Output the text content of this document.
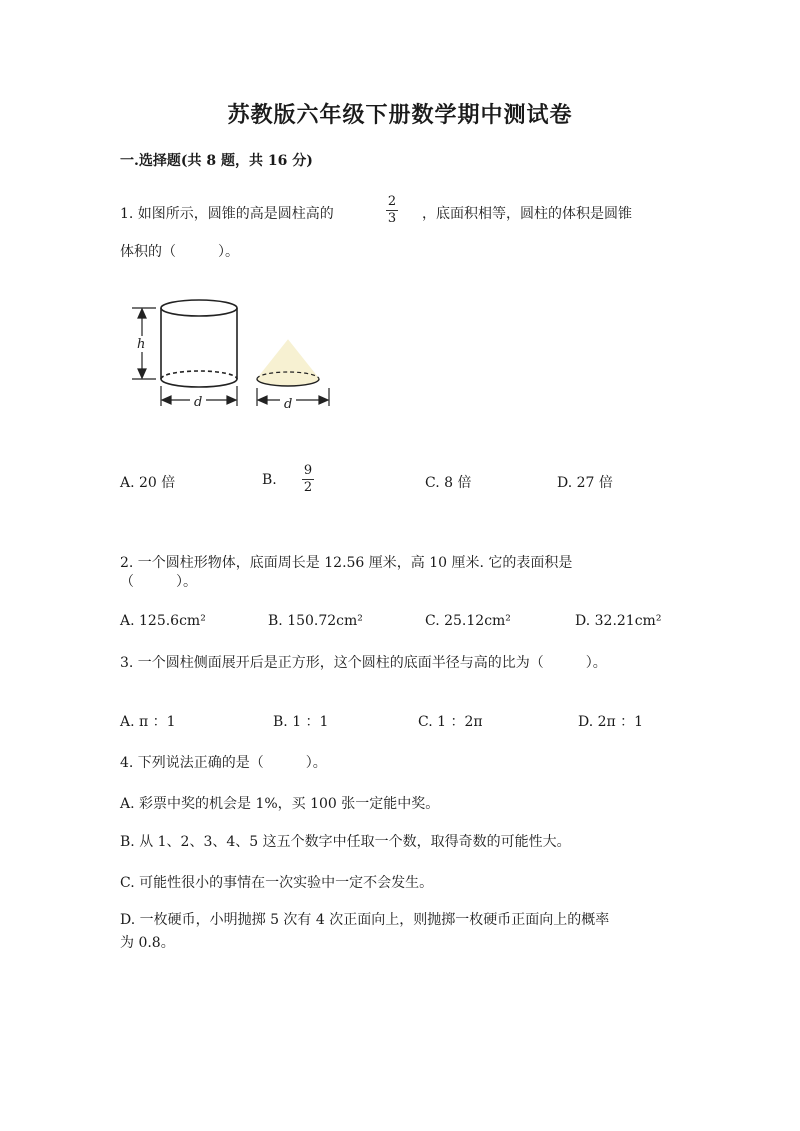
苏教版六年级下册数学期中测试卷
一.选择题(共 8 题，共 16 分)
1. 如图所示，圆锥的高是圆柱高的
2
3 ，底面积相等，圆柱的体积是圆锥
体积的（　　　）。
h
d	d
A. 20 倍	B.
9
2	C. 8 倍	D. 27 倍
2. 一个圆柱形物体，底面周长是 12.56 厘米，高 10 厘米. 它的表面积是
（　　　）。
A. 125.6cm²	B. 150.72cm²	C. 25.12cm²	D. 32.21cm²
3. 一个圆柱侧面展开后是正方形，这个圆柱的底面半径与高的比为（　　　）。
A. π ：1	B. 1 ：1	C. 1 ：2π	D. 2π ：1
4. 下列说法正确的是（　　　）。
A. 彩票中奖的机会是 1%，买 100 张一定能中奖。
B. 从 1、2、3、4、5 这五个数字中任取一个数，取得奇数的可能性大。
C. 可能性很小的事情在一次实验中一定不会发生。
D. 一枚硬币，小明抛掷 5 次有 4 次正面向上，则抛掷一枚硬币正面向上的概率
为 0.8。
